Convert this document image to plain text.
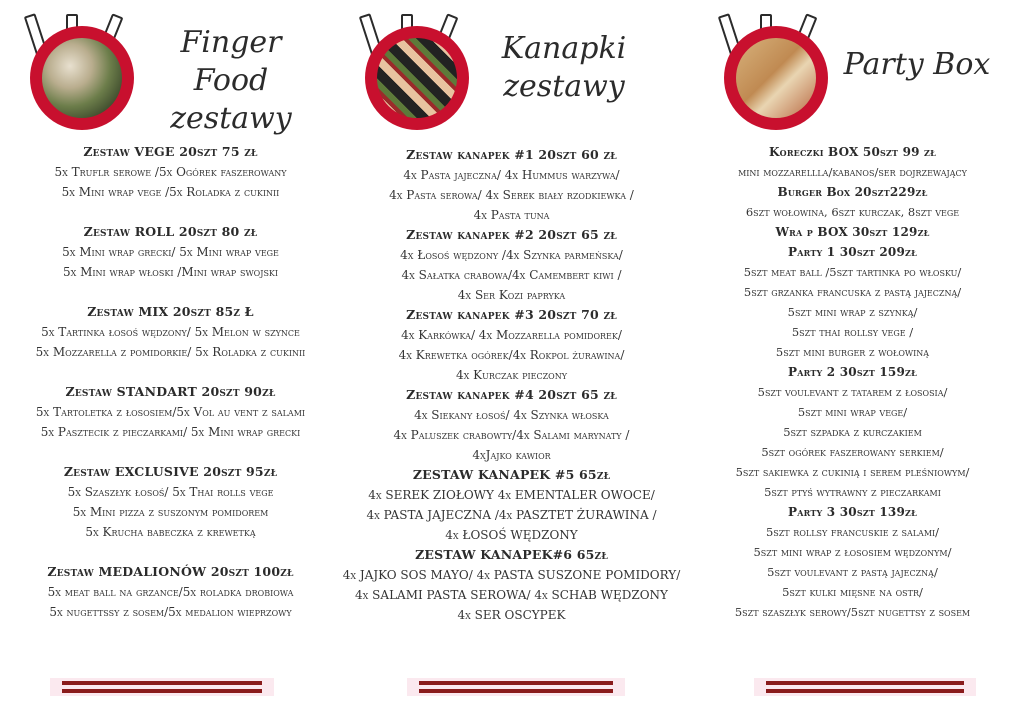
Finger Food
zestawy
Zestaw VEGE 20szt 75 zł
5x Truflr serowe /5x Ogórek faszerowany
5x Mini wrap vege /5x Roladka z cukinii
Zestaw ROLL 20szt 80 zł
5x Mini wrap grecki/ 5x Mini wrap vege
5x Mini wrap włoski /Mini wrap swojski
Zestaw MIX 20szt 85z Ł
5x Tartinka łosoś wędzony/ 5x Melon w szynce
5x Mozzarella z pomidorkie/ 5x Roladka z cukinii
Zestaw STANDART 20szt 90zł
5x Tartoletka z łososiem/5x Vol au vent z salami
5x Pasztecik z pieczarkami/ 5x Mini wrap grecki
Zestaw EXCLUSIVE 20szt 95zł
5x Szaszłyk łosoś/ 5x Thai rolls vege
5x Mini pizza z suszonym pomidorem
5x Krucha babeczka z krewetką
Zestaw MEDALIONÓW 20szt 100zł
5x meat ball na grzance/5x roladka drobiowa
5x nugettssy z sosem/5x medalion wieprzowy
Kanapki
zestawy
Zestaw kanapek #1 20szt 60 zł
4x Pasta jajeczna/ 4x Hummus warzywa/
4x Pasta serowa/ 4x Serek biały rzodkiewka /
4x Pasta tuna
Zestaw kanapek #2 20szt 65 zł
4x Łosoś wędzony /4x Szynka parmeńska/
4x Sałatka crabowa/4x Camembert kiwi /
4x Ser Kozi papryka
Zestaw kanapek #3 20szt 70 zł
4x Karkówka/ 4x Mozzarella pomidorek/
4x Krewetka ogórek/4x Rokpol żurawina/
4x Kurczak pieczony
Zestaw kanapek #4 20szt 65 zł
4x Siekany łosoś/ 4x Szynka włoska
4x Paluszek crabowty/4x Salami marynaty /
4xJajko kawior
ZESTAW KANAPEK #5 65zł
4x SEREK ZIOŁOWY 4x EMENTALER OWOCE/
4x PASTA JAJECZNA /4x PASZTET ŻURAWINA /
4x ŁOSOŚ WĘDZONY
ZESTAW KANAPEK#6 65zł
4x JAJKO SOS MAYO/ 4x PASTA SUSZONE POMIDORY/
4x SALAMI PASTA SEROWA/ 4x SCHAB WĘDZONY
4x SER OSCYPEK
Party Box
Koreczki BOX 50szt 99 zł
mini mozzarellla/kabanos/ser dojrzewający
Burger Box 20szt229zł
6szt wołowina, 6szt kurczak, 8szt vege
Wra p BOX 30szt 129zł
Party 1 30szt 209zł
5szt meat ball /5szt tartinka po włosku/
5szt grzanka francuska z pastą jajeczną/
5szt mini wrap z szynką/
5szt thai rollsy vege /
5szt mini burger z wołowiną
Party 2 30szt 159zł
5szt voulevant z tatarem z łososia/
5szt mini wrap vege/
5szt szpadka z kurczakiem
5szt ogórek faszerowany serkiem/
5szt sakiewka z cukinią i serem pleśniowym/
5szt ptyś wytrawny z pieczarkami
Party 3 30szt 139zł
5szt rollsy francuskie z salami/
5szt mini wrap z łososiem wędzonym/
5szt voulevant z pastą jajeczną/
5szt kulki mięsne na ostr/
5szt szaszłyk serowy/5szt nugettsy z sosem
